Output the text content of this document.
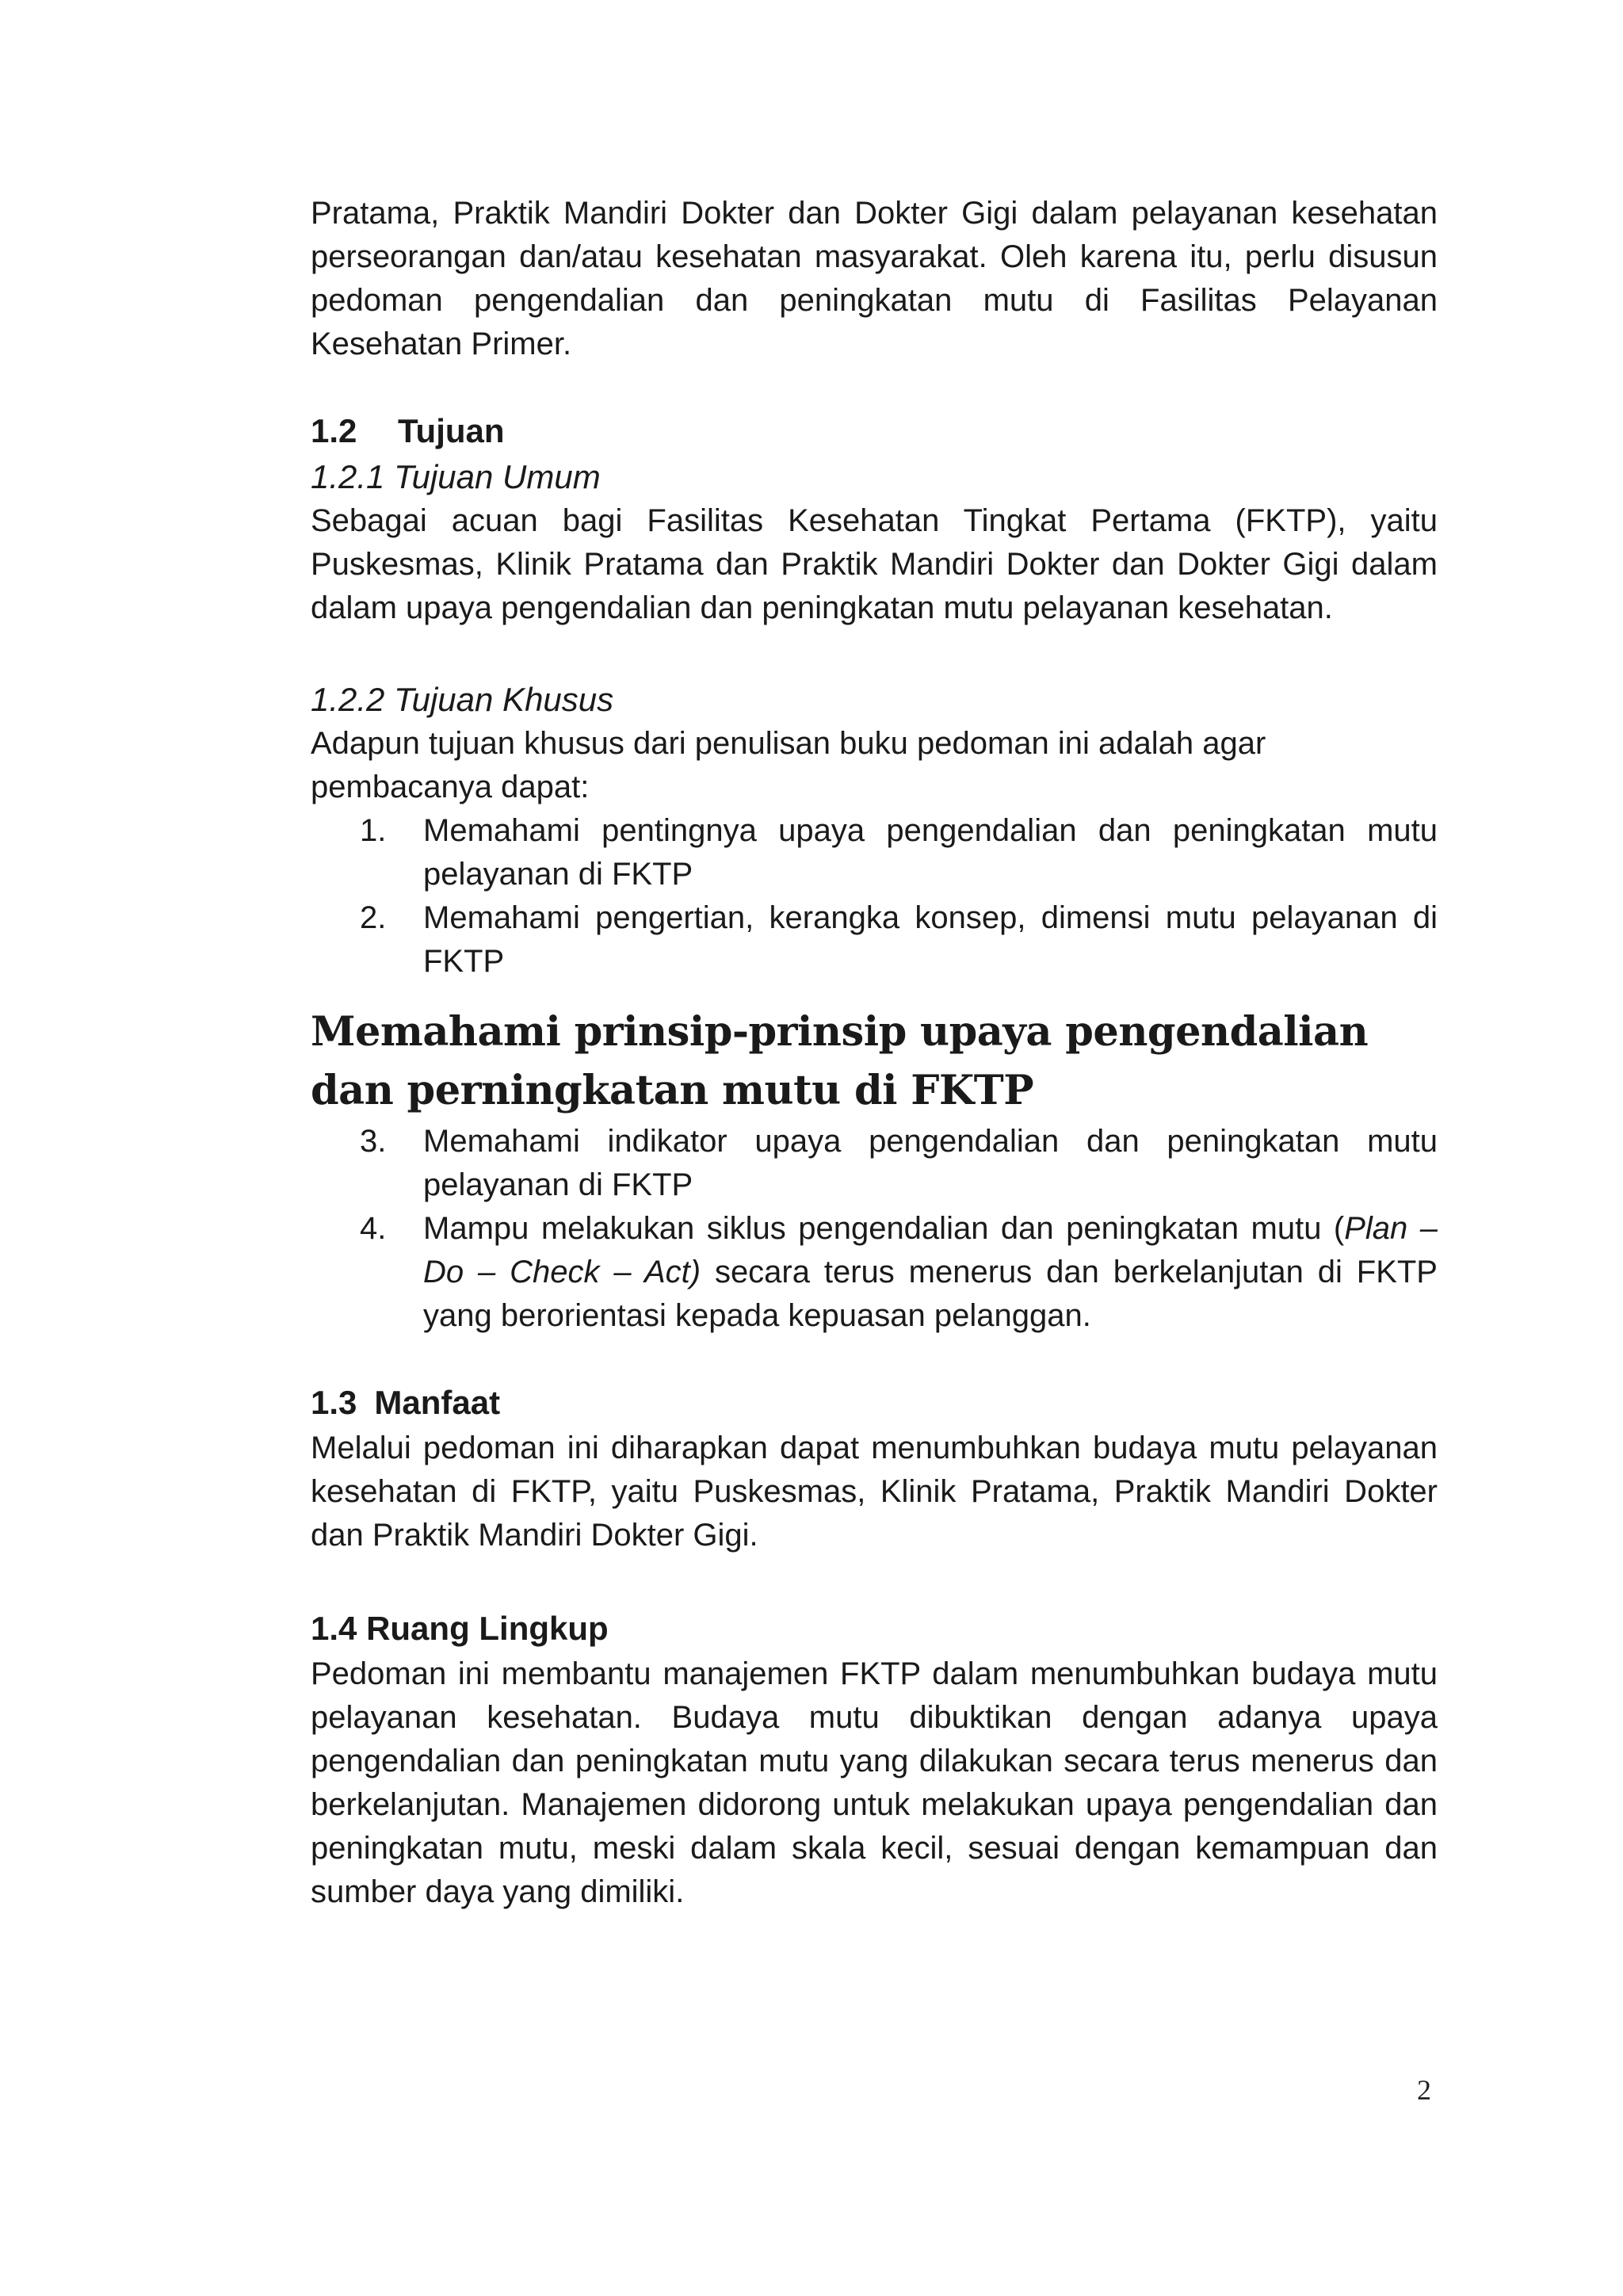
Pratama, Praktik Mandiri Dokter dan Dokter Gigi dalam pelayanan kesehatan perseorangan dan/atau kesehatan masyarakat. Oleh karena itu, perlu disusun pedoman pengendalian dan peningkatan mutu di Fasilitas Pelayanan Kesehatan Primer.

1.2 Tujuan

1.2.1 Tujuan Umum

Sebagai acuan bagi Fasilitas Kesehatan Tingkat Pertama (FKTP), yaitu Puskesmas, Klinik Pratama dan Praktik Mandiri Dokter dan Dokter Gigi dalam dalam upaya pengendalian dan peningkatan mutu pelayanan kesehatan.

1.2.2 Tujuan Khusus

Adapun tujuan khusus dari penulisan buku pedoman ini adalah agar pembacanya dapat:

1. Memahami pentingnya upaya pengendalian dan peningkatan mutu pelayanan di FKTP
2. Memahami pengertian, kerangka konsep, dimensi mutu pelayanan di FKTP

Memahami prinsip-prinsip upaya pengendalian dan perningkatan mutu di FKTP

3. Memahami indikator upaya pengendalian dan peningkatan mutu pelayanan di FKTP
4. Mampu melakukan siklus pengendalian dan peningkatan mutu (Plan – Do – Check – Act) secara terus menerus dan berkelanjutan di FKTP yang berorientasi kepada kepuasan pelanggan.

1.3 Manfaat

Melalui pedoman ini diharapkan dapat menumbuhkan budaya mutu pelayanan kesehatan di FKTP, yaitu Puskesmas, Klinik Pratama, Praktik Mandiri Dokter dan Praktik Mandiri Dokter Gigi.

1.4 Ruang Lingkup

Pedoman ini membantu manajemen FKTP dalam menumbuhkan budaya mutu pelayanan kesehatan. Budaya mutu dibuktikan dengan adanya upaya pengendalian dan peningkatan mutu yang dilakukan secara terus menerus dan berkelanjutan. Manajemen didorong untuk melakukan upaya pengendalian dan peningkatan mutu, meski dalam skala kecil, sesuai dengan kemampuan dan sumber daya yang dimiliki.

2
